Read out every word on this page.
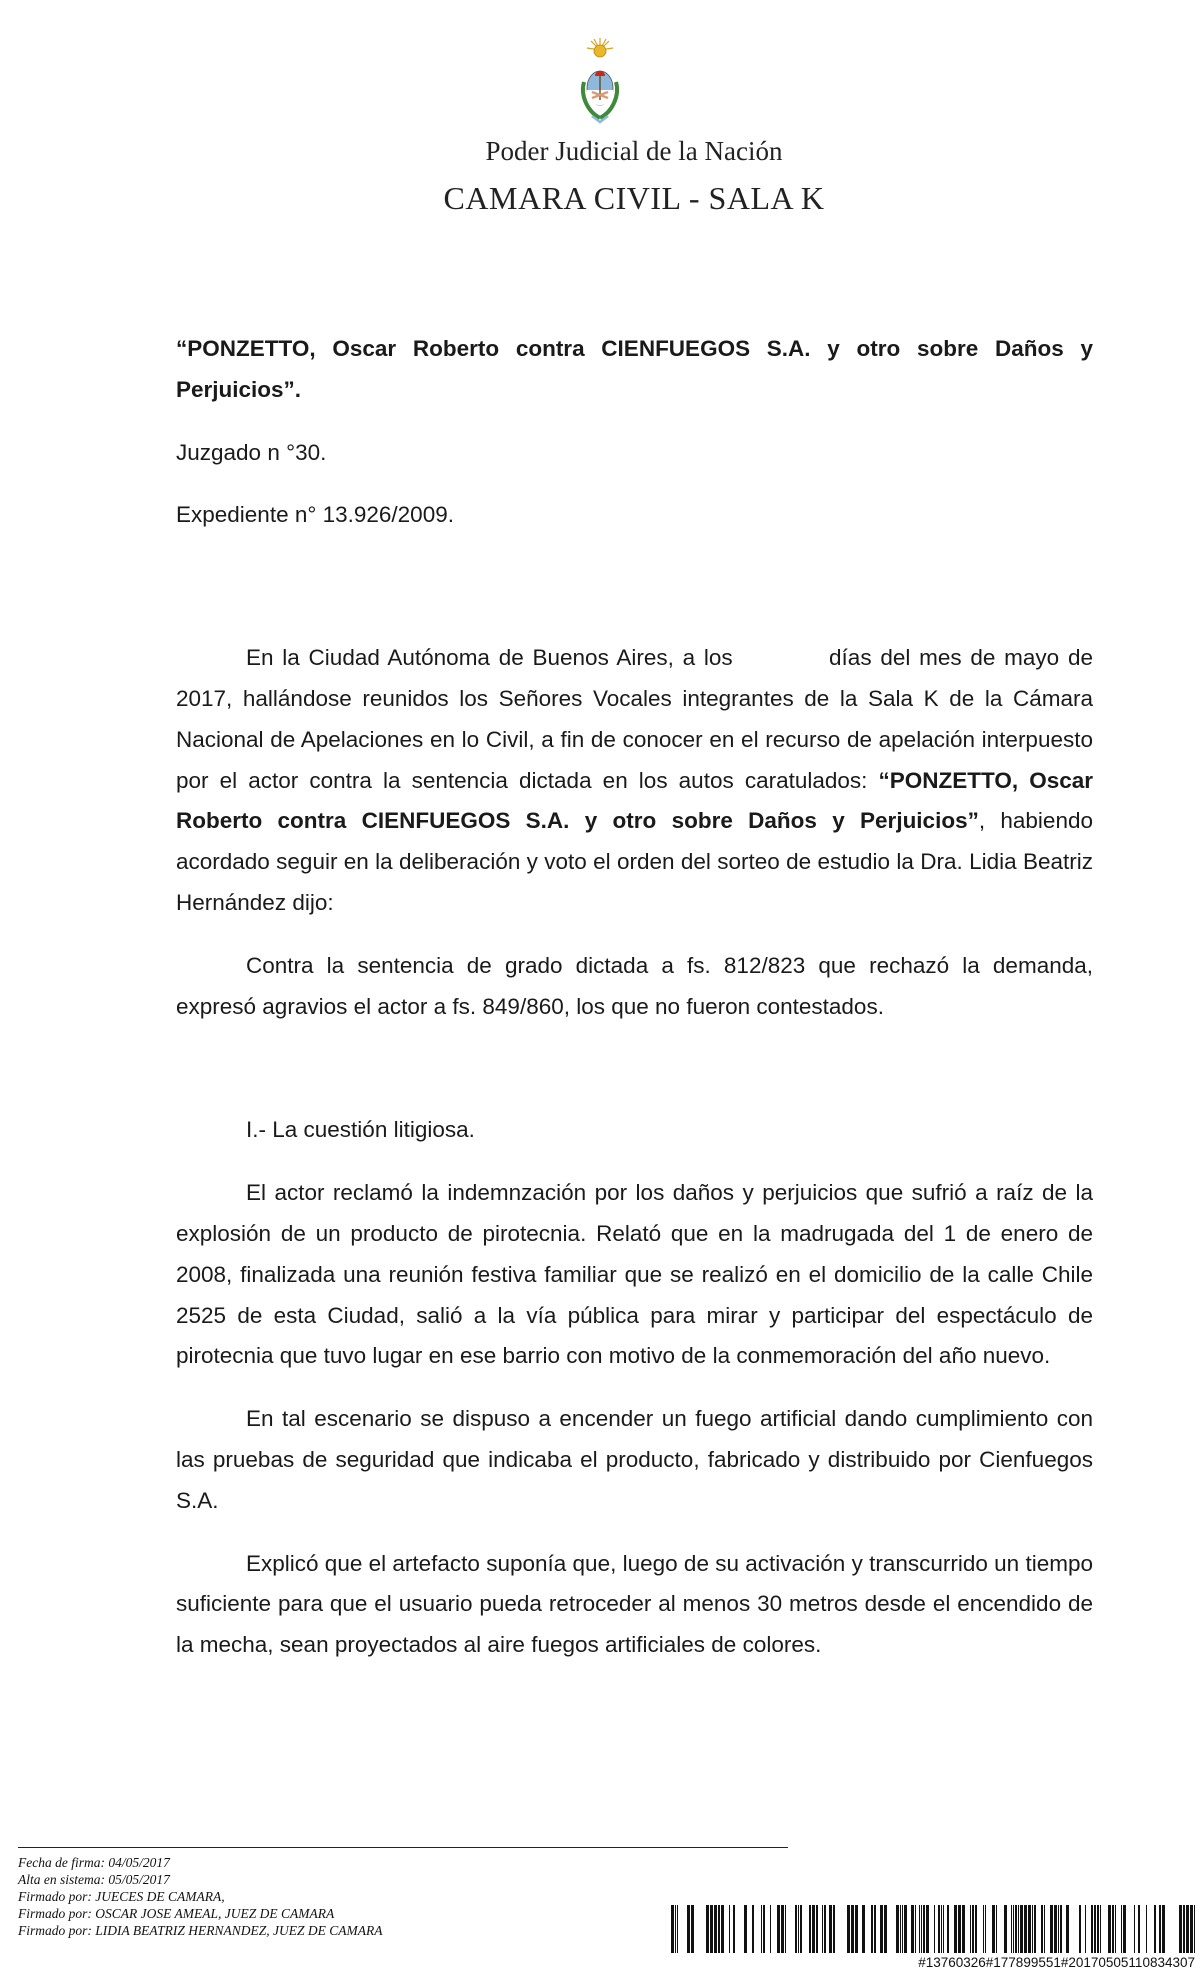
Poder Judicial de la Nación
CAMARA CIVIL - SALA K

“PONZETTO, Oscar Roberto contra CIENFUEGOS S.A. y otro sobre Daños y Perjuicios”.

Juzgado n °30.

Expediente n° 13.926/2009.

En la Ciudad Autónoma de Buenos Aires, a los           días del mes de mayo de 2017, hallándose reunidos los Señores Vocales integrantes de la Sala K de la Cámara Nacional de Apelaciones en lo Civil, a fin de conocer en el recurso de apelación interpuesto por el actor contra la sentencia dictada en los autos caratulados: “PONZETTO, Oscar Roberto contra CIENFUEGOS S.A. y otro sobre Daños y Perjuicios”, habiendo acordado seguir en la deliberación y voto el orden del sorteo de estudio la Dra. Lidia Beatriz Hernández dijo:

Contra la sentencia de grado dictada a fs. 812/823 que rechazó la demanda, expresó agravios el actor a fs. 849/860, los que no fueron contestados.

I.- La cuestión litigiosa.

El actor reclamó la indemnzación por los daños y perjuicios que sufrió a raíz de la explosión de un producto de pirotecnia. Relató que en la madrugada del 1 de enero de 2008, finalizada una reunión festiva familiar que se realizó en el domicilio de la calle Chile 2525 de esta Ciudad, salió a la vía pública para mirar y participar del espectáculo de pirotecnia que tuvo lugar en ese barrio con motivo de la conmemoración del año nuevo.

En tal escenario se dispuso a encender un fuego artificial dando cumplimiento con las pruebas de seguridad que indicaba el producto, fabricado y distribuido por Cienfuegos S.A.

Explicó que el artefacto suponía que, luego de su activación y transcurrido un tiempo suficiente para que el usuario pueda retroceder al menos 30 metros desde el encendido de la mecha, sean proyectados al aire fuegos artificiales de colores.

Fecha de firma: 04/05/2017
Alta en sistema: 05/05/2017
Firmado por: JUECES DE CAMARA,
Firmado por: OSCAR JOSE AMEAL, JUEZ DE CAMARA
Firmado por: LIDIA BEATRIZ HERNANDEZ, JUEZ DE CAMARA
#13760326#177899551#20170505110834307
